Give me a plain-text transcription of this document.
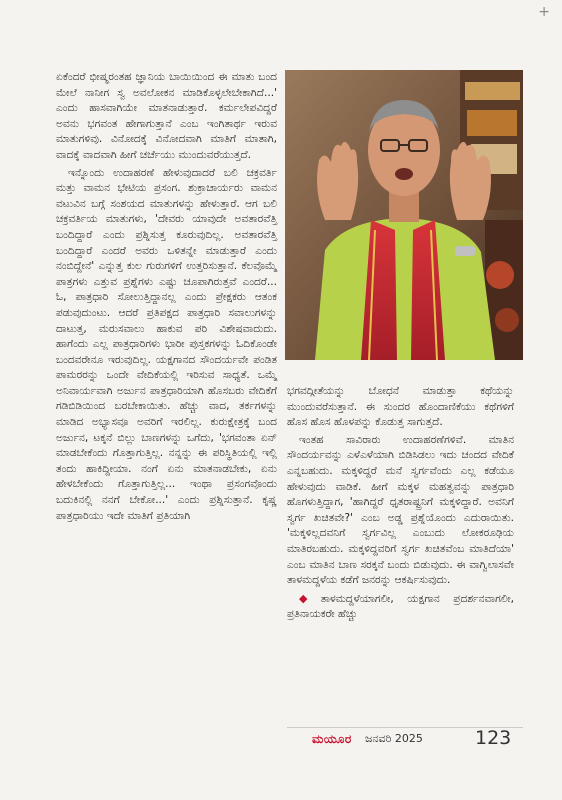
+

ಏಕೆಂದರೆ ಭೀಷ್ಮರಂತಹ ಜ್ಞಾನಿಯ ಬಾಯಿಯಿಂದ ಈ ಮಾತು ಬಂದ ಮೇಲೆ ನಾನೀಗ ಸ್ವ ಅವಲೋಕನ ಮಾಡಿಕೊಳ್ಳಲೇಬೇಕಾಗಿದೆ...' ಎಂದು ಹಾಸವಾಗಿಯೇ ಮಾತನಾಡುತ್ತಾರೆ. ಕರ್ಮಲೇಪವಿದ್ದರೆ ಅವನು ಭಗವಂತ ಹೇಗಾಗುತ್ತಾನೆ ಎಂಬ ಇಂಗಿತಾರ್ಥ ಇರುವ ಮಾತುಗಳಿವು. ವಿನೋದಕ್ಕೆ ವಿನೋದವಾಗಿ ಮಾತಿಗೆ ಮಾತಾಗಿ, ವಾದಕ್ಕೆ ವಾದವಾಗಿ ಹೀಗೆ ಚರ್ಚೆಯು ಮುಂದುವರೆಯುತ್ತದೆ.

ಇನ್ನೊಂದು ಉದಾಹರಣೆ ಹೇಳುವುದಾದರೆ ಬಲಿ ಚಕ್ರವರ್ತಿ ಮತ್ತು ವಾಮನ ಭೇಟಿಯ ಪ್ರಸಂಗ. ಶುಕ್ರಾಚಾರ್ಯರು ವಾಮನ ವಟುವಿನ ಬಗ್ಗೆ ಸಂಶಯದ ಮಾತುಗಳನ್ನು ಹೇಳುತ್ತಾರೆ. ಆಗ ಬಲಿ ಚಕ್ರವರ್ತಿಯ ಮಾತುಗಳು, 'ದೇವರು ಯಾವುದೇ ಅವತಾರವೆತ್ತಿ ಬಂದಿದ್ದಾರೆ ಎಂದು ಪ್ರಶ್ನಿಸುತ್ತ ಕೂರುವುದಿಲ್ಲ. ಅವತಾರವೆತ್ತಿ ಬಂದಿದ್ದಾರೆ ಎಂದರೆ ಅವರು ಒಳಿತನ್ನೇ ಮಾಡುತ್ತಾರೆ ಎಂದು ನಂಬಿದ್ದೇನೆ' ಎನ್ನುತ್ತ ಕುಲ ಗುರುಗಳಿಗೆ ಉತ್ತರಿಸುತ್ತಾನೆ. ಕೆಲವೊಮ್ಮೆ ಪಾತ್ರಗಳು ಎತ್ತುವ ಪ್ರಶ್ನೆಗಳು ಎಷ್ಟು ಚೂಪಾಗಿರುತ್ತವೆ ಎಂದರೆ... ಓ, ಪಾತ್ರಧಾರಿ ಸೋಲುತ್ತಿದ್ದಾನಲ್ಲ ಎಂದು ಪ್ರೇಕ್ಷಕರು ಆತಂಕ ಪಡುವುದುಂಟು. ಆದರೆ ಪ್ರತಿಪಕ್ಷದ ಪಾತ್ರಧಾರಿ ಸವಾಲುಗಳನ್ನು ದಾಟುತ್ತ, ಮರುಸವಾಲು ಹಾಕುವ ಪರಿ ವಿಶೇಷವಾದುದು. ಹಾಗೆಂದು ಎಲ್ಲ ಪಾತ್ರಧಾರಿಗಳು ಭಾರೀ ಪುಸ್ತಕಗಳನ್ನು ಓದಿಕೊಂಡೇ ಬಂದವರೇನೂ ಇರುವುದಿಲ್ಲ. ಯಕ್ಷಗಾನದ ಸೌಂದರ್ಯವೇ ಪಂಡಿತ ಪಾಮರರನ್ನು ಒಂದೇ ವೇದಿಕೆಯಲ್ಲಿ ಇರಿಸುವ ಸಾಧ್ಯತೆ. ಒಮ್ಮೆ ಅನಿವಾರ್ಯವಾಗಿ ಅರ್ಜುನ ಪಾತ್ರಧಾರಿಯಾಗಿ ಹೊಸಬರು ವೇದಿಕೆಗೆ ಗಡಿಬಿಡಿಯಿಂದ ಬರಬೇಕಾಯಿತು. ಹೆಚ್ಚು ವಾದ, ತರ್ಕಗಳನ್ನು ಮಾಡಿದ ಅಭ್ಯಾಸವೂ ಅವರಿಗೆ ಇರಲಿಲ್ಲ. ಕುರುಕ್ಷೇತ್ರಕ್ಕೆ ಬಂದ ಅರ್ಜುನ, ಟಕ್ಕನೆ ಬಿಲ್ಲು ಬಾಣಗಳನ್ನು ಒಗೆದು, 'ಭಗವಂತಾ ಏನ್ ಮಾಡಬೇಕೆಂದು ಗೊತ್ತಾಗುತ್ತಿಲ್ಲ. ನನ್ನನ್ನು ಈ ಪರಿಸ್ಥಿತಿಯಲ್ಲಿ ಇಲ್ಲಿ ತಂದು ಹಾಕಿದ್ದೀಯಾ. ನಂಗೆ ಏನು ಮಾತನಾಡಬೇಕು, ಏನು ಹೇಳಬೇಕೆಂದು ಗೊತ್ತಾಗುತ್ತಿಲ್ಲ... ಇಂಥಾ ಪ್ರಸಂಗವೊಂದು ಬದುಕಿನಲ್ಲಿ ನನಗೆ ಬೇಕೋ...' ಎಂದು ಪ್ರಶ್ನಿಸುತ್ತಾನೆ. ಕೃಷ್ಣ ಪಾತ್ರಧಾರಿಯು ಇದೇ ಮಾತಿಗೆ ಪ್ರತಿಯಾಗಿ

ಭಗವದ್ಗೀತೆಯನ್ನು ಬೋಧನೆ ಮಾಡುತ್ತಾ ಕಥೆಯನ್ನು ಮುಂದುವರೆಸುತ್ತಾನೆ. ಈ ಸುಂದರ ಹೊಂದಾಣಿಕೆಯು ಕಥೆಗಳಿಗೆ ಹೊಸ ಹೊಸ ಹೊಳಪನ್ನು ಕೊಡುತ್ತ ಸಾಗುತ್ತದೆ.

ಇಂತಹ ಸಾವಿರಾರು ಉದಾಹರಣೆಗಳಿವೆ. ಮಾತಿನ ಸೌಂದರ್ಯವನ್ನು ಎಳೆಎಳೆಯಾಗಿ ಬಿಡಿಸಿಡಲು ಇದು ಚಂದದ ವೇದಿಕೆ ಎನ್ನಬಹುದು. ಮಕ್ಕಳಿದ್ದರೆ ಮನೆ ಸ್ವರ್ಗವೆಂದು ಎಲ್ಲ ಕಡೆಯೂ ಹೇಳುವುದು ವಾಡಿಕೆ. ಹೀಗೆ ಮಕ್ಕಳ ಮಹತ್ವವನ್ನು ಪಾತ್ರಧಾರಿ ಹೊಗಳುತ್ತಿದ್ದಾಗ, 'ಹಾಗಿದ್ದರೆ ಧೃತರಾಷ್ಟ್ರನಿಗೆ ಮಕ್ಕಳಿದ್ದಾರೆ. ಅವನಿಗೆ ಸ್ವರ್ಗ ಖಚಿತವೇ?' ಎಂಬ ಅಡ್ಡ ಪ್ರಶ್ನೆಯೊಂದು ಎದುರಾಯಿತು. 'ಮಕ್ಕಳಿಲ್ಲದವನಿಗೆ ಸ್ವರ್ಗವಿಲ್ಲ ಎಂಬುದು ಲೋಕರೂಢಿಯ ಮಾತಿರಬಹುದು. ಮಕ್ಕಳಿದ್ದವರಿಗೆ ಸ್ವರ್ಗ ಖಚಿತವೆಂಬ ಮಾತಿದೆಯಾ' ಎಂಬ ಮಾತಿನ ಬಾಣ ಸರಕ್ಕನೆ ಬಂದು ಬಿಡುವುದು. ಈ ವಾಗ್ವಿಲಾಸವೇ ತಾಳಮದ್ದಳೆಯ ಕಡೆಗೆ ಜನರನ್ನು ಆಕರ್ಷಿಸುವುದು.

◆ ತಾಳಮದ್ದಳೆಯಾಗಲೀ, ಯಕ್ಷಗಾನ ಪ್ರದರ್ಶನವಾಗಲೀ, ಪ್ರತಿನಾಯಕರೇ ಹೆಚ್ಚು

ಮಯೂರ ಜನವರಿ 2025	123
